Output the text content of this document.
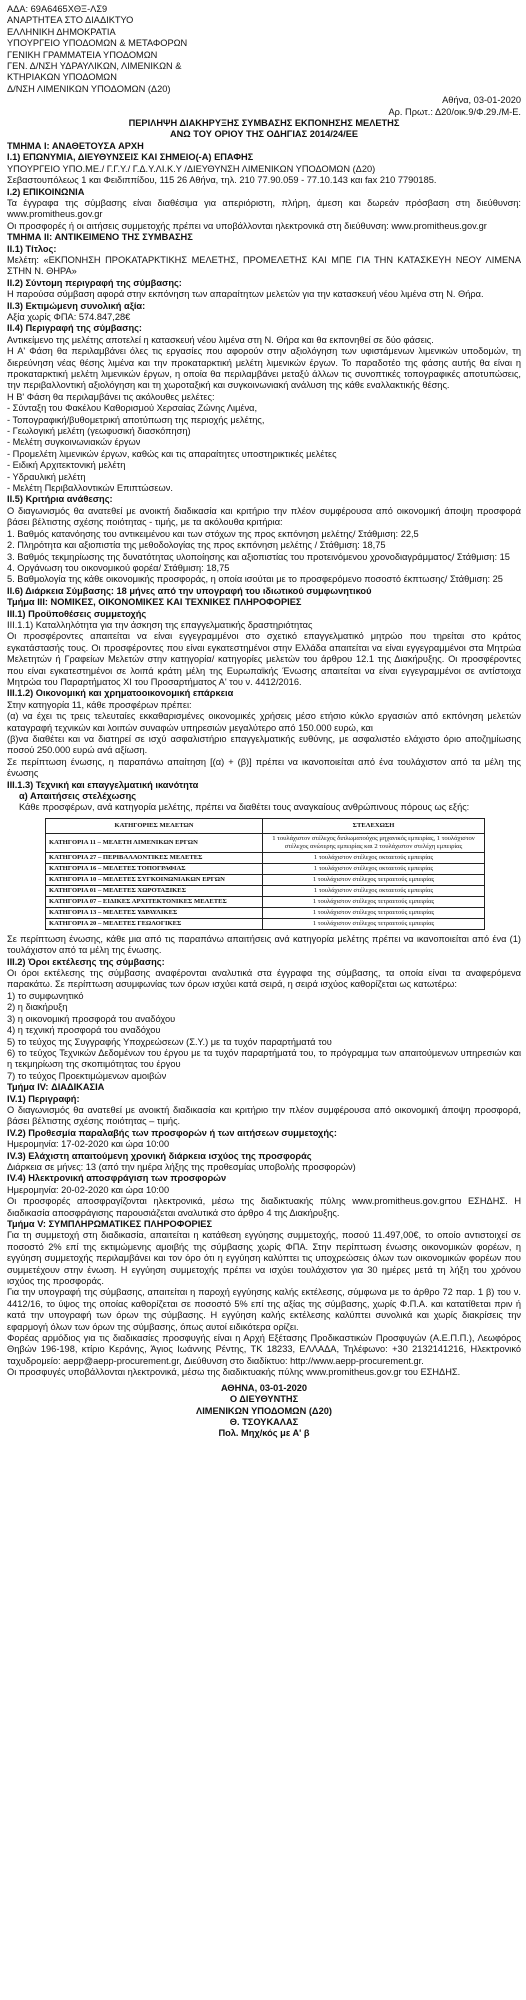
ΑΔΑ: 69Α6465ΧΘΞ-ΛΣ9
ΑΝΑΡΤΗΤΕΑ ΣΤΟ ΔΙΑΔΙΚΤΥΟ
ΕΛΛΗΝΙΚΗ ΔΗΜΟΚΡΑΤΙΑ
ΥΠΟΥΡΓΕΙΟ ΥΠΟΔΟΜΩΝ & ΜΕΤΑΦΟΡΩΝ
ΓΕΝΙΚΗ ΓΡΑΜΜΑΤΕΙΑ ΥΠΟΔΟΜΩΝ
ΓΕΝ. Δ/ΝΣΗ ΥΔΡΑΥΛΙΚΩΝ, ΛΙΜΕΝΙΚΩΝ &
ΚΤΗΡΙΑΚΩΝ ΥΠΟΔΟΜΩΝ
Δ/ΝΣΗ ΛΙΜΕΝΙΚΩΝ ΥΠΟΔΟΜΩΝ (Δ20)
Αθήνα, 03-01-2020
Αρ. Πρωτ.: Δ20/οικ.9/Φ.29./Μ-Ε.
ΠΕΡΙΛΗΨΗ ΔΙΑΚΗΡΥΞΗΣ ΣΥΜΒΑΣΗΣ ΕΚΠΟΝΗΣΗΣ ΜΕΛΕΤΗΣ
ΑΝΩ ΤΟΥ ΟΡΙΟΥ ΤΗΣ ΟΔΗΓΙΑΣ 2014/24/ΕΕ
ΤΜΗΜΑ Ι: ΑΝΑΘΕΤΟΥΣΑ ΑΡΧΗ
I.1) ΕΠΩΝΥΜΙΑ, ΔΙΕΥΘΥΝΣΕΙΣ ΚΑΙ ΣΗΜΕΙΟ(-Α) ΕΠΑΦΗΣ
ΥΠΟΥΡΓΕΙΟ ΥΠΟ.ΜΕ./ Γ.Γ.Υ./ Γ.Δ.Υ.ΛΙ.Κ.Υ /ΔΙΕΥΘΥΝΣΗ ΛΙΜΕΝΙΚΩΝ ΥΠΟΔΟΜΩΝ (Δ20)
Σεβαστουπόλεως 1 και Φειδιππίδου, 115 26 Αθήνα, τηλ. 210 77.90.059 - 77.10.143 και fax 210 7790185.
I.2) ΕΠΙΚΟΙΝΩΝΙΑ
Τα έγγραφα της σύμβασης είναι διαθέσιμα για απεριόριστη, πλήρη, άμεση και δωρεάν πρόσβαση στη διεύθυνση: www.promitheus.gov.gr
Οι προσφορές ή οι αιτήσεις συμμετοχής πρέπει να υποβάλλονται ηλεκτρονικά στη διεύθυνση: www.promitheus.gov.gr
ΤΜΗΜΑ ΙΙ: ΑΝΤΙΚΕΙΜΕΝΟ ΤΗΣ ΣΥΜΒΑΣΗΣ
ΙΙ.1) Τίτλος:
Μελέτη: «ΕΚΠΟΝΗΣΗ ΠΡΟΚΑΤΑΡΚΤΙΚΗΣ ΜΕΛΕΤΗΣ, ΠΡΟΜΕΛΕΤΗΣ ΚΑΙ ΜΠΕ ΓΙΑ ΤΗΝ ΚΑΤΑΣΚΕΥΗ ΝΕΟΥ ΛΙΜΕΝΑ ΣΤΗΝ Ν. ΘΗΡΑ»
ΙΙ.2) Σύντομη περιγραφή της σύμβασης:
Η παρούσα σύμβαση αφορά στην εκπόνηση των απαραίτητων μελετών για την κατασκευή νέου λιμένα στη Ν. Θήρα.
ΙΙ.3) Εκτιμώμενη συνολική αξία:
Αξία χωρίς ΦΠΑ: 574.847,28€
ΙΙ.4) Περιγραφή της σύμβασης:
Αντικείμενο της μελέτης αποτελεί η κατασκευή νέου λιμένα στη Ν. Θήρα και θα εκπονηθεί σε δύο φάσεις.
Η Α' Φάση θα περιλαμβάνει όλες τις εργασίες που αφορούν στην αξιολόγηση των υφιστάμενων λιμενικών υποδομών, τη διερεύνηση νέας θέσης λιμένα και την προκαταρκτική μελέτη λιμενικών έργων. Το παραδοτέο της φάσης αυτής θα είναι η προκαταρκτική μελέτη λιμενικών έργων, η οποία θα περιλαμβάνει μεταξύ άλλων τις συνοπτικές τοπογραφικές αποτυπώσεις, την περιβαλλοντική αξιολόγηση και τη χωροταξική και συγκοινωνιακή ανάλυση της κάθε εναλλακτικής θέσης.
Η Β' Φάση θα περιλαμβάνει τις ακόλουθες μελέτες:
- Σύνταξη του Φακέλου Καθορισμού Χερσαίας Ζώνης Λιμένα,
- Τοπογραφική/βυθομετρική αποτύπωση της περιοχής μελέτης,
- Γεωλογική μελέτη (γεωφυσική διασκόπηση)
- Μελέτη συγκοινωνιακών έργων
- Προμελέτη λιμενικών έργων, καθώς και τις απαραίτητες υποστηρικτικές μελέτες
- Ειδική Αρχιτεκτονική μελέτη
- Υδραυλική μελέτη
- Μελέτη Περιβαλλοντικών Επιπτώσεων.
ΙΙ.5) Κριτήρια ανάθεσης:
Ο διαγωνισμός θα ανατεθεί με ανοικτή διαδικασία και κριτήριο την πλέον συμφέρουσα από οικονομική άποψη προσφορά βάσει βέλτιστης σχέσης ποιότητας - τιμής, με τα ακόλουθα κριτήρια:
1. Βαθμός κατανόησης του αντικειμένου και των στόχων της προς εκπόνηση μελέτης/ Στάθμιση: 22,5
2. Πληρότητα και αξιοπιστία της μεθοδολογίας της προς εκπόνηση μελέτης / Στάθμιση: 18,75
3. Βαθμός τεκμηρίωσης της δυνατότητας υλοποίησης και αξιοπιστίας του προτεινόμενου χρονοδιαγράμματος/ Στάθμιση: 15
4. Οργάνωση του οικονομικού φορέα/ Στάθμιση: 18,75
5. Βαθμολογία της κάθε οικονομικής προσφοράς, η οποία ισούται με το προσφερόμενο ποσοστό έκπτωσης/ Στάθμιση: 25
ΙΙ.6) Διάρκεια Σύμβασης: 18 μήνες από την υπογραφή του ιδιωτικού συμφωνητικού
Τμήμα ΙΙΙ: ΝΟΜΙΚΕΣ, ΟΙΚΟΝΟΜΙΚΕΣ ΚΑΙ ΤΕΧΝΙΚΕΣ ΠΛΗΡΟΦΟΡΙΕΣ
ΙΙΙ.1) Προϋποθέσεις συμμετοχής
ΙΙΙ.1.1) Καταλληλότητα για την άσκηση της επαγγελματικής δραστηριότητας
Οι προσφέροντες απαιτείται να είναι εγγεγραμμένοι στο σχετικό επαγγελματικό μητρώο που τηρείται στο κράτος εγκατάστασής τους. Οι προσφέροντες που είναι εγκατεστημένοι στην Ελλάδα απαιτείται να είναι εγγεγραμμένοι στα Μητρώα Μελετητών ή Γραφείων Μελετών στην κατηγορία/ κατηγορίες μελετών του άρθρου 12.1 της Διακήρυξης. Οι προσφέροντες που είναι εγκατεστημένοι σε λοιπά κράτη μέλη της Ευρωπαϊκής Ένωσης απαιτείται να είναι εγγεγραμμένοι σε αντίστοιχα Μητρώα του Παραρτήματος XI του Προσαρτήματος Α' του ν. 4412/2016.
ΙΙΙ.1.2) Οικονομική και χρηματοοικονομική επάρκεια
Στην κατηγορία 11, κάθε προσφέρων πρέπει:
(α) να έχει τις τρεις τελευταίες εκκαθαρισμένες οικονομικές χρήσεις μέσο ετήσιο κύκλο εργασιών από εκπόνηση μελετών καταγραφή τεχνικών και λοιπών συναφών υπηρεσιών μεγαλύτερο από 150.000 ευρώ, και
(β)να διαθέτει και να διατηρεί σε ισχύ ασφαλιστήριο επαγγελματικής ευθύνης, με ασφαλιστέο ελάχιστο όριο αποζημίωσης ποσού 250.000 ευρώ ανά αξίωση.
Σε περίπτωση ένωσης, η παραπάνω απαίτηση [(α) + (β)] πρέπει να ικανοποιείται από ένα τουλάχιστον από τα μέλη της ένωσης
ΙΙΙ.1.3) Τεχνική και επαγγελματική ικανότητα
α) Απαιτήσεις στελέχωσης
Κάθε προσφέρων, ανά κατηγορία μελέτης, πρέπει να διαθέτει τους αναγκαίους ανθρώπινους πόρους ως εξής:
ΚΑΤΗΓΟΡΙΕΣ ΜΕΛΕΤΩΝ	ΣΤΕΛΕΧΩΣΗ
ΚΑΤΗΓΟΡΙΑ 11 – ΜΕΛΕΤΗ ΛΙΜΕΝΙΚΩΝ ΕΡΓΩΝ	1 τουλάχιστον στέλεχος διπλωματούχος μηχανικός εμπειρίας, 1 τουλάχιστον στέλεχος ανώτερης εμπειρίας και 2 τουλάχιστον στελέχη εμπειρίας
ΚΑΤΗΓΟΡΙΑ 27 – ΠΕΡΙΒΑΛΛΟΝΤΙΚΕΣ ΜΕΛΕΤΕΣ	1 τουλάχιστον στέλεχος οκταετούς εμπειρίας
ΚΑΤΗΓΟΡΙΑ 16 – ΜΕΛΕΤΕΣ ΤΟΠΟΓΡΑΦΙΑΣ	1 τουλάχιστον στέλεχος οκταετούς εμπειρίας
ΚΑΤΗΓΟΡΙΑ 10 – ΜΕΛΕΤΕΣ ΣΥΓΚΟΙΝΩΝΙΑΚΩΝ ΕΡΓΩΝ	1 τουλάχιστον στέλεχος τετραετούς εμπειρίας
ΚΑΤΗΓΟΡΙΑ 01 – ΜΕΛΕΤΕΣ ΧΩΡΟΤΑΞΙΚΕΣ	1 τουλάχιστον στέλεχος οκταετούς εμπειρίας
ΚΑΤΗΓΟΡΙΑ 07 – ΕΙΔΙΚΕΣ ΑΡΧΙΤΕΚΤΟΝΙΚΕΣ ΜΕΛΕΤΕΣ	1 τουλάχιστον στέλεχος τετραετούς εμπειρίας
ΚΑΤΗΓΟΡΙΑ 13 – ΜΕΛΕΤΕΣ ΥΔΡΑΥΛΙΚΕΣ	1 τουλάχιστον στέλεχος τετραετούς εμπειρίας
ΚΑΤΗΓΟΡΙΑ 20 – ΜΕΛΕΤΕΣ ΓΕΩΛΟΓΙΚΕΣ	1 τουλάχιστον στέλεχος τετραετούς εμπειρίας
Σε περίπτωση ένωσης, κάθε μια από τις παραπάνω απαιτήσεις ανά κατηγορία μελέτης πρέπει να ικανοποιείται από ένα (1) τουλάχιστον από τα μέλη της ένωσης.
ΙΙΙ.2) Όροι εκτέλεσης της σύμβασης:
Οι όροι εκτέλεσης της σύμβασης αναφέρονται αναλυτικά στα έγγραφα της σύμβασης, τα οποία είναι τα αναφερόμενα παρακάτω. Σε περίπτωση ασυμφωνίας των όρων ισχύει κατά σειρά, η σειρά ισχύος καθορίζεται ως κατωτέρω:
1) το συμφωνητικό
2) η διακήρυξη
3) η οικονομική προσφορά του αναδόχου
4) η τεχνική προσφορά του αναδόχου
5) το τεύχος της Συγγραφής Υποχρεώσεων (Σ.Υ.) με τα τυχόν παραρτήματά του
6) το τεύχος Τεχνικών Δεδομένων του έργου με τα τυχόν παραρτήματά του, το πρόγραμμα των απαιτούμενων υπηρεσιών και η τεκμηρίωση της σκοπιμότητας του έργου
7) το τεύχος Προεκτιμώμενων αμοιβών
Τμήμα IV: ΔΙΑΔΙΚΑΣΙΑ
ΙV.1) Περιγραφή:
Ο διαγωνισμός θα ανατεθεί με ανοικτή διαδικασία και κριτήριο την πλέον συμφέρουσα από οικονομική άποψη προσφορά, βάσει βέλτιστης σχέσης ποιότητας – τιμής.
ΙV.2) Προθεσμία παραλαβής των προσφορών ή των αιτήσεων συμμετοχής:
Ημερομηνία: 17-02-2020 και ώρα 10:00
ΙV.3) Ελάχιστη απαιτούμενη χρονική διάρκεια ισχύος της προσφοράς
Διάρκεια σε μήνες: 13 (από την ημέρα λήξης της προθεσμίας υποβολής προσφορών)
ΙV.4) Ηλεκτρονική αποσφράγιση των προσφορών
Ημερομηνία: 20-02-2020 και ώρα 10:00
Οι προσφορές αποσφραγίζονται ηλεκτρονικά, μέσω της διαδικτυακής πύλης www.promitheus.gov.grτου ΕΣΗΔΗΣ. Η διαδικασία αποσφράγισης παρουσιάζεται αναλυτικά στο άρθρο 4 της Διακήρυξης.
Τμήμα V: ΣΥΜΠΛΗΡΩΜΑΤΙΚΕΣ ΠΛΗΡΟΦΟΡΙΕΣ
Για τη συμμετοχή στη διαδικασία, απαιτείται η κατάθεση εγγύησης συμμετοχής, ποσού 11.497,00€, το οποίο αντιστοιχεί σε ποσοστό 2% επί της εκτιμώμενης αμοιβής της σύμβασης χωρίς ΦΠΑ. Στην περίπτωση ένωσης οικονομικών φορέων, η εγγύηση συμμετοχής περιλαμβάνει και τον όρο ότι η εγγύηση καλύπτει τις υποχρεώσεις όλων των οικονομικών φορέων που συμμετέχουν στην ένωση. Η εγγύηση συμμετοχής πρέπει να ισχύει τουλάχιστον για 30 ημέρες μετά τη λήξη του χρόνου ισχύος της προσφοράς.
Για την υπογραφή της σύμβασης, απαιτείται η παροχή εγγύησης καλής εκτέλεσης, σύμφωνα με το άρθρο 72 παρ. 1 β) του ν. 4412/16, το ύψος της οποίας καθορίζεται σε ποσοστό 5% επί της αξίας της σύμβασης, χωρίς Φ.Π.Α. και κατατίθεται πριν ή κατά την υπογραφή των όρων της σύμβασης. Η εγγύηση καλής εκτέλεσης καλύπτει συνολικά και χωρίς διακρίσεις την εφαρμογή όλων των όρων της σύμβασης, όπως αυτοί ειδικότερα ορίζει.
Φορέας αρμόδιος για τις διαδικασίες προσφυγής είναι η Αρχή Εξέτασης Προδικαστικών Προσφυγών (Α.Ε.Π.Π.), Λεωφόρος Θηβών 196-198, κτίριο Κεράνης, Άγιος Ιωάννης Ρέντης, ΤΚ 18233, ΕΛΛΑΔΑ, Τηλέφωνο: +30 2132141216, Ηλεκτρονικό ταχυδρομείο: aepp@aepp-procurement.gr, Διεύθυνση στο διαδίκτυο: http://www.aepp-procurement.gr.
Οι προσφυγές υποβάλλονται ηλεκτρονικά, μέσω της διαδικτυακής πύλης www.promitheus.gov.gr του ΕΣΗΔΗΣ.
ΑΘΗΝΑ, 03-01-2020
Ο ΔΙΕΥΘΥΝΤΗΣ
ΛΙΜΕΝΙΚΩΝ ΥΠΟΔΟΜΩΝ (Δ20)
Θ. ΤΣΟΥΚΑΛΑΣ
Πολ. Μηχ/κός με Α' β
